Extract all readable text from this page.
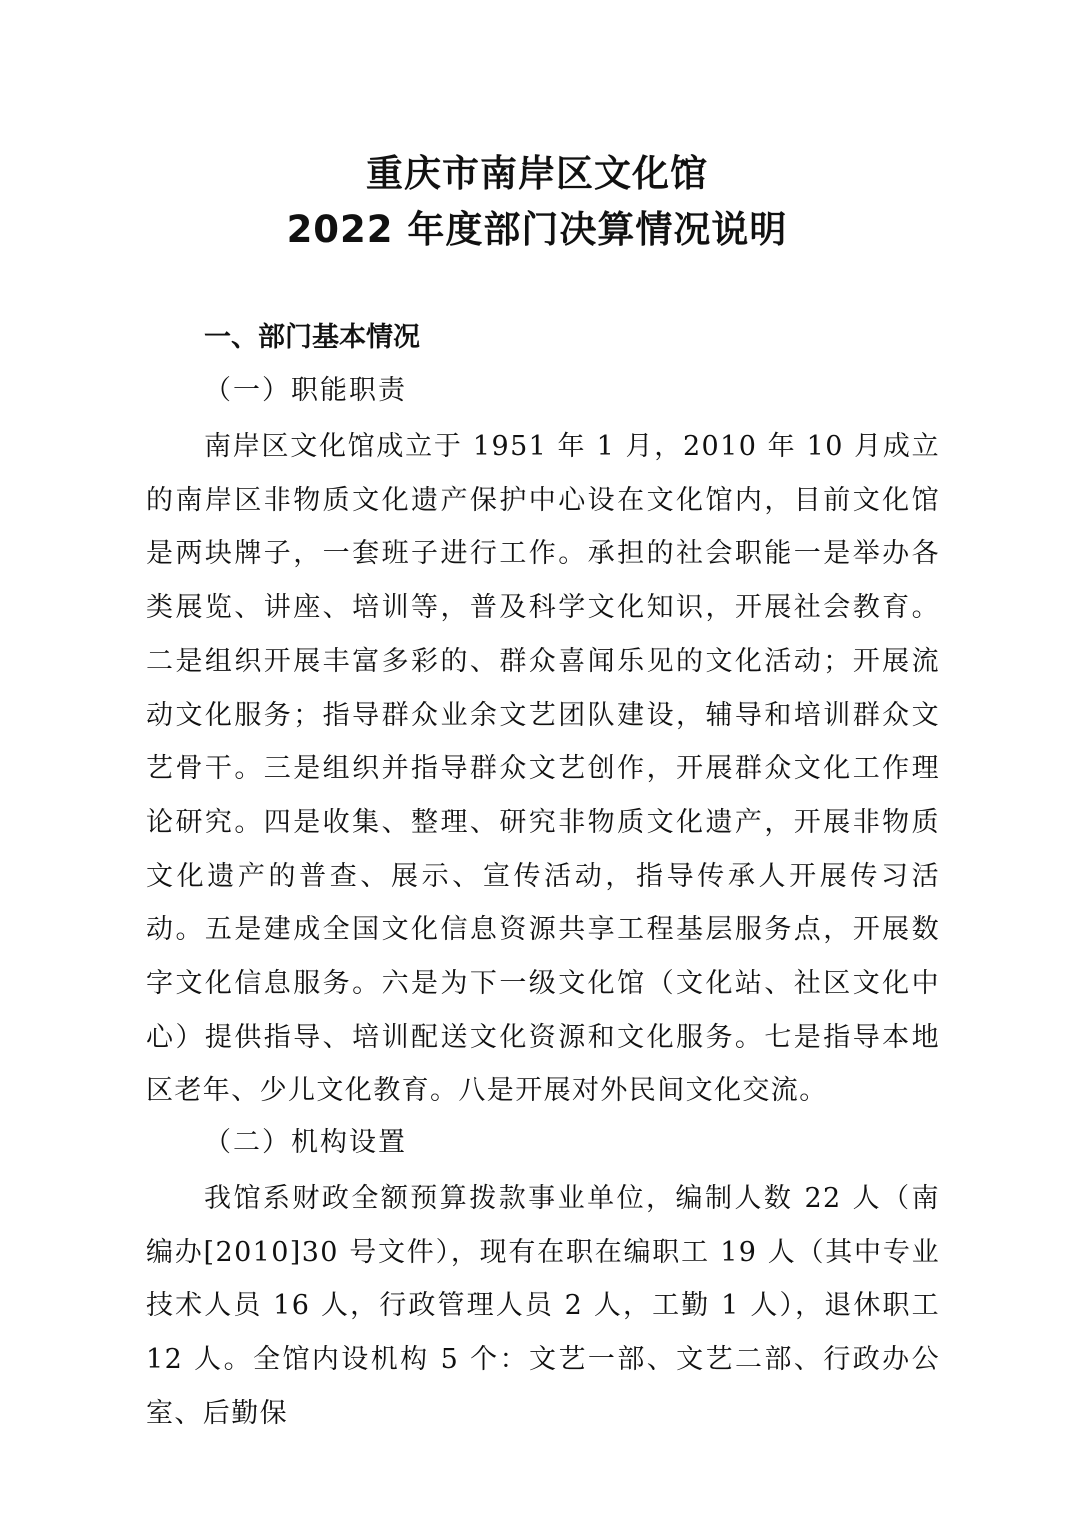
重庆市南岸区文化馆
2022 年度部门决算情况说明
一、部门基本情况
（一）职能职责

南岸区文化馆成立于 1951 年 1 月，2010 年 10 月成立的南岸区非物质文化遗产保护中心设在文化馆内，目前文化馆是两块牌子，一套班子进行工作。承担的社会职能一是举办各类展览、讲座、培训等，普及科学文化知识，开展社会教育。二是组织开展丰富多彩的、群众喜闻乐见的文化活动；开展流动文化服务；指导群众业余文艺团队建设，辅导和培训群众文艺骨干。三是组织并指导群众文艺创作，开展群众文化工作理论研究。四是收集、整理、研究非物质文化遗产，开展非物质文化遗产的普查、展示、宣传活动，指导传承人开展传习活动。五是建成全国文化信息资源共享工程基层服务点，开展数字文化信息服务。六是为下一级文化馆（文化站、社区文化中心）提供指导、培训配送文化资源和文化服务。七是指导本地区老年、少儿文化教育。八是开展对外民间文化交流。

（二）机构设置

我馆系财政全额预算拨款事业单位，编制人数 22 人（南编办[2010]30 号文件），现有在职在编职工 19 人（其中专业技术人员 16 人，行政管理人员 2 人，工勤 1 人），退休职工 12 人。全馆内设机构 5 个：文艺一部、文艺二部、行政办公室、后勤保
